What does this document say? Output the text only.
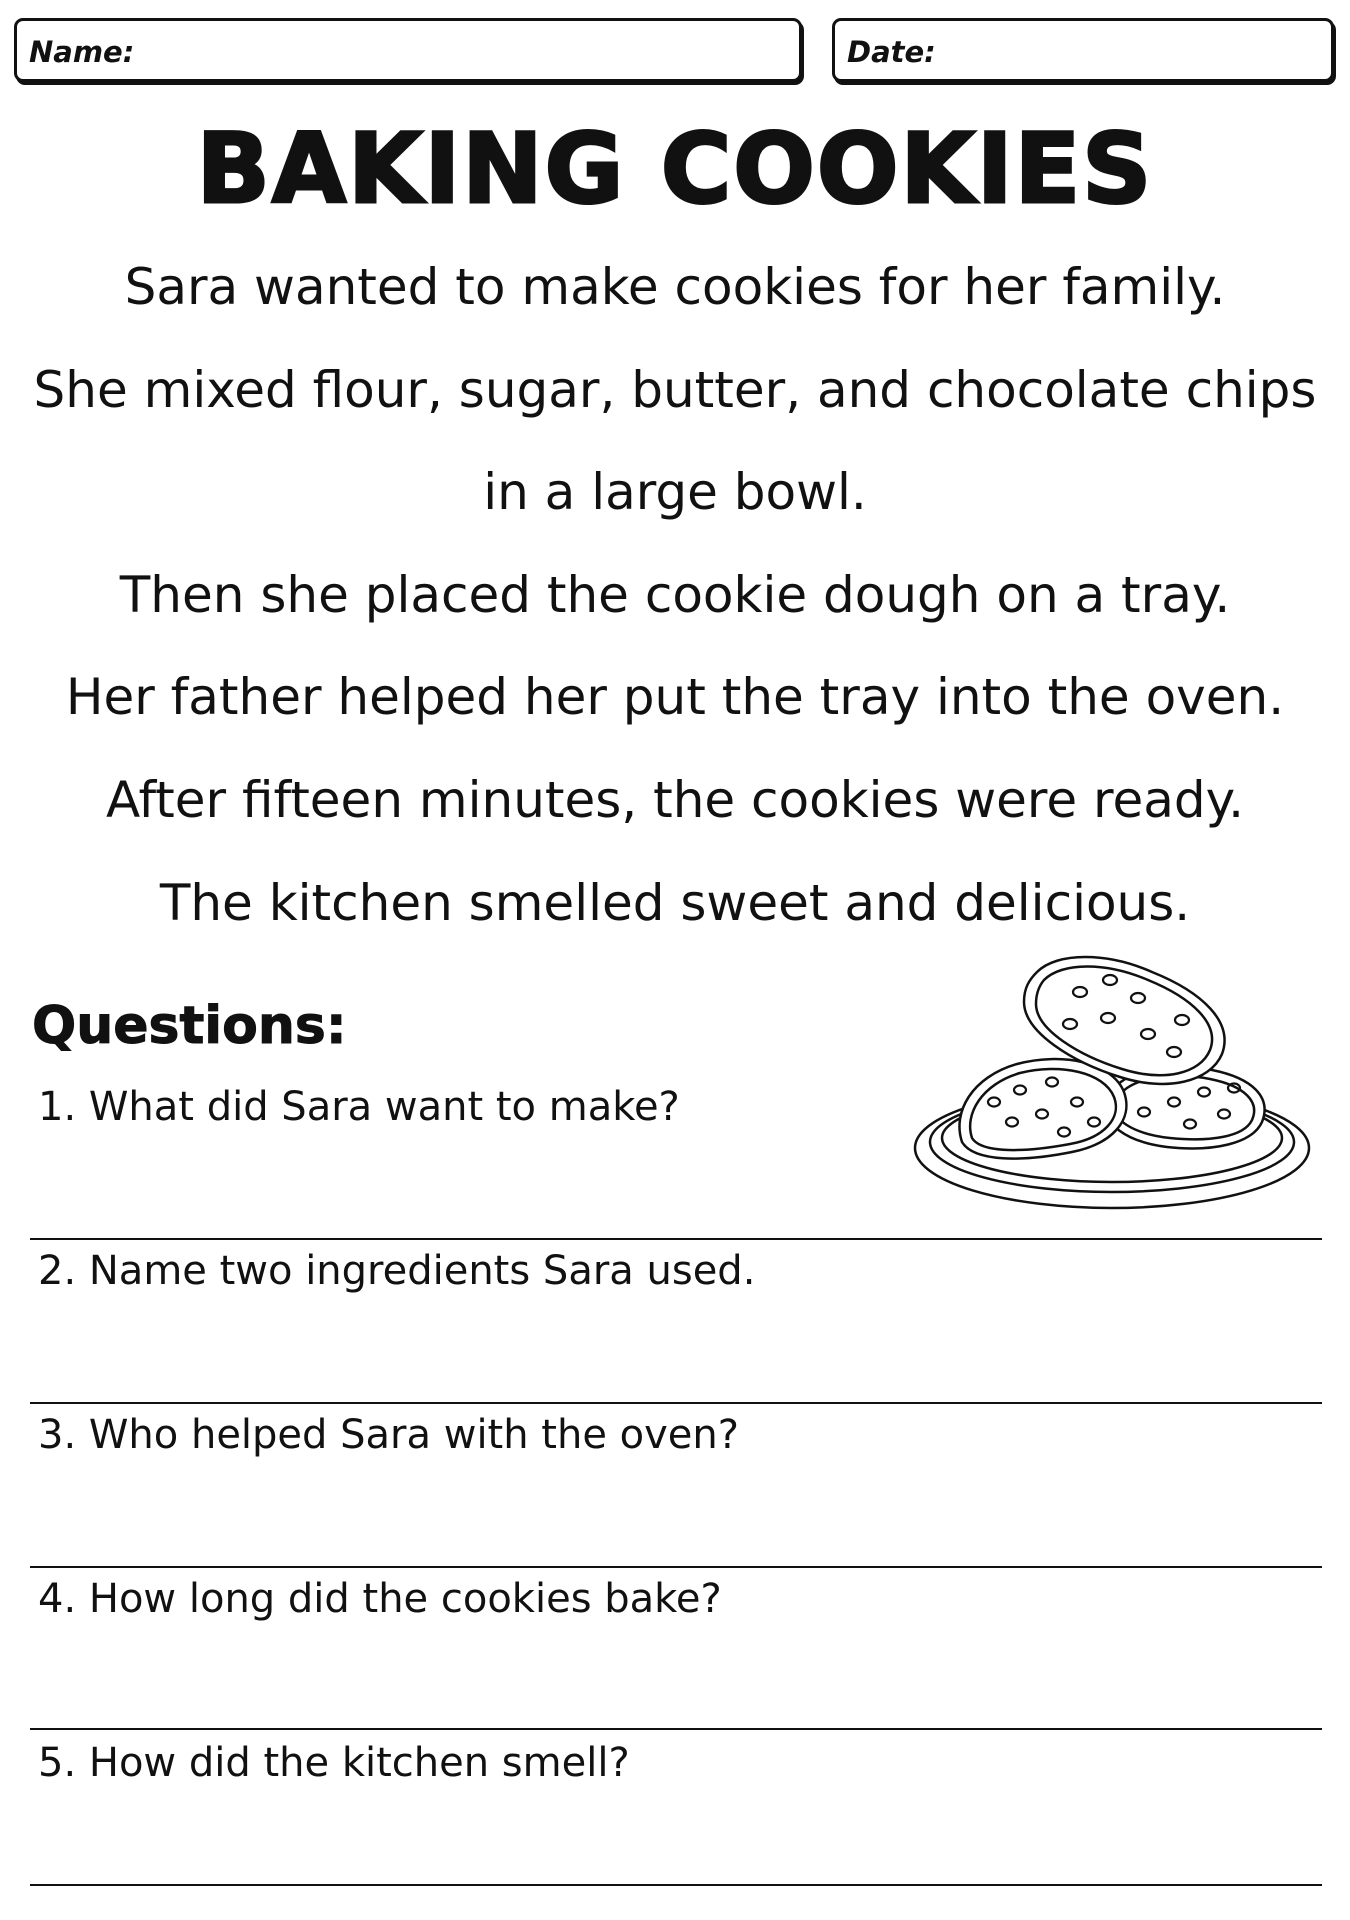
Name:	Date:
BAKING COOKIES
Sara wanted to make cookies for her family.
She mixed flour, sugar, butter, and chocolate chips
in a large bowl.
Then she placed the cookie dough on a tray.
Her father helped her put the tray into the oven.
After fifteen minutes, the cookies were ready.
The kitchen smelled sweet and delicious.
Questions:
1. What did Sara want to make?
2. Name two ingredients Sara used.
3. Who helped Sara with the oven?
4. How long did the cookies bake?
5. How did the kitchen smell?
